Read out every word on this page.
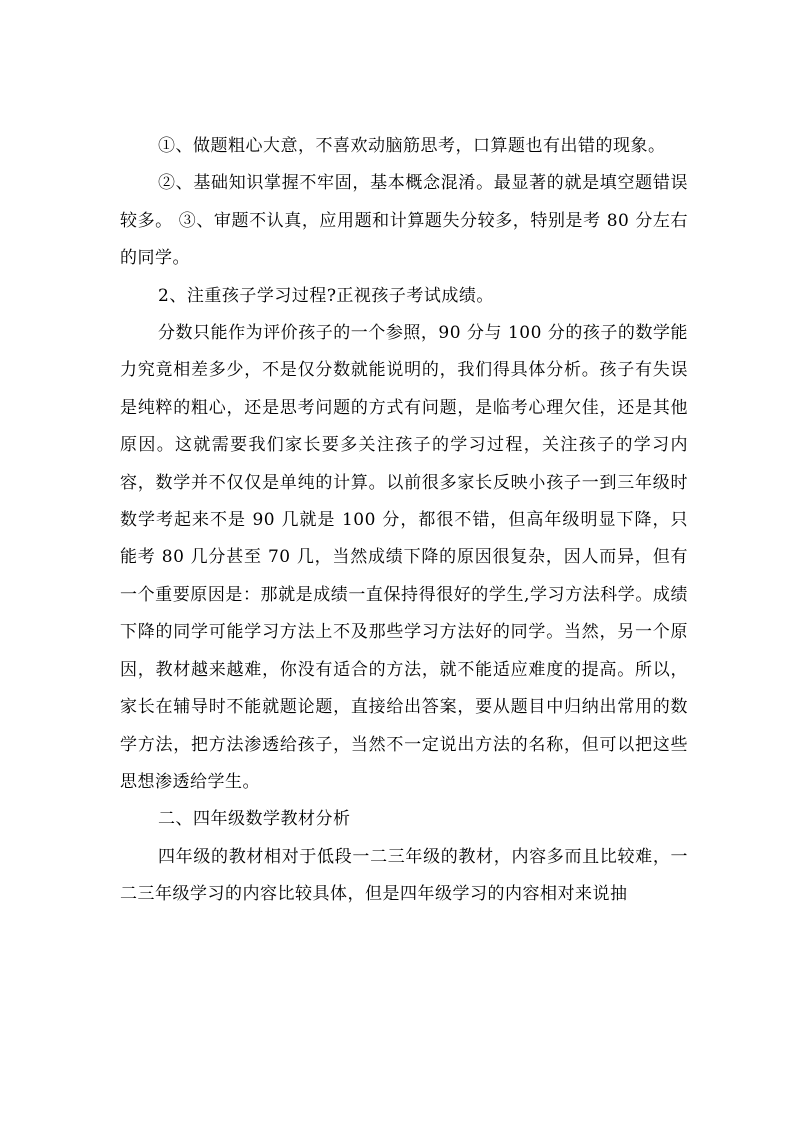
①、做题粗心大意，不喜欢动脑筋思考，口算题也有出错的现象。

②、基础知识掌握不牢固，基本概念混淆。最显著的就是填空题错误较多。 ③、审题不认真，应用题和计算题失分较多，特别是考 80 分左右的同学。

2、注重孩子学习过程?正视孩子考试成绩。

分数只能作为评价孩子的一个参照，90 分与 100 分的孩子的数学能力究竟相差多少，不是仅分数就能说明的，我们得具体分析。孩子有失误是纯粹的粗心，还是思考问题的方式有问题，是临考心理欠佳，还是其他原因。这就需要我们家长要多关注孩子的学习过程，关注孩子的学习内容，数学并不仅仅是单纯的计算。以前很多家长反映小孩子一到三年级时数学考起来不是 90 几就是 100 分，都很不错，但高年级明显下降，只能考 80 几分甚至 70 几，当然成绩下降的原因很复杂，因人而异，但有一个重要原因是：那就是成绩一直保持得很好的学生,学习方法科学。成绩下降的同学可能学习方法上不及那些学习方法好的同学。当然，另一个原因，教材越来越难，你没有适合的方法，就不能适应难度的提高。所以，家长在辅导时不能就题论题，直接给出答案，要从题目中归纳出常用的数学方法，把方法渗透给孩子，当然不一定说出方法的名称，但可以把这些思想渗透给学生。

二、四年级数学教材分析

四年级的教材相对于低段一二三年级的教材，内容多而且比较难，一二三年级学习的内容比较具体，但是四年级学习的内容相对来说抽
